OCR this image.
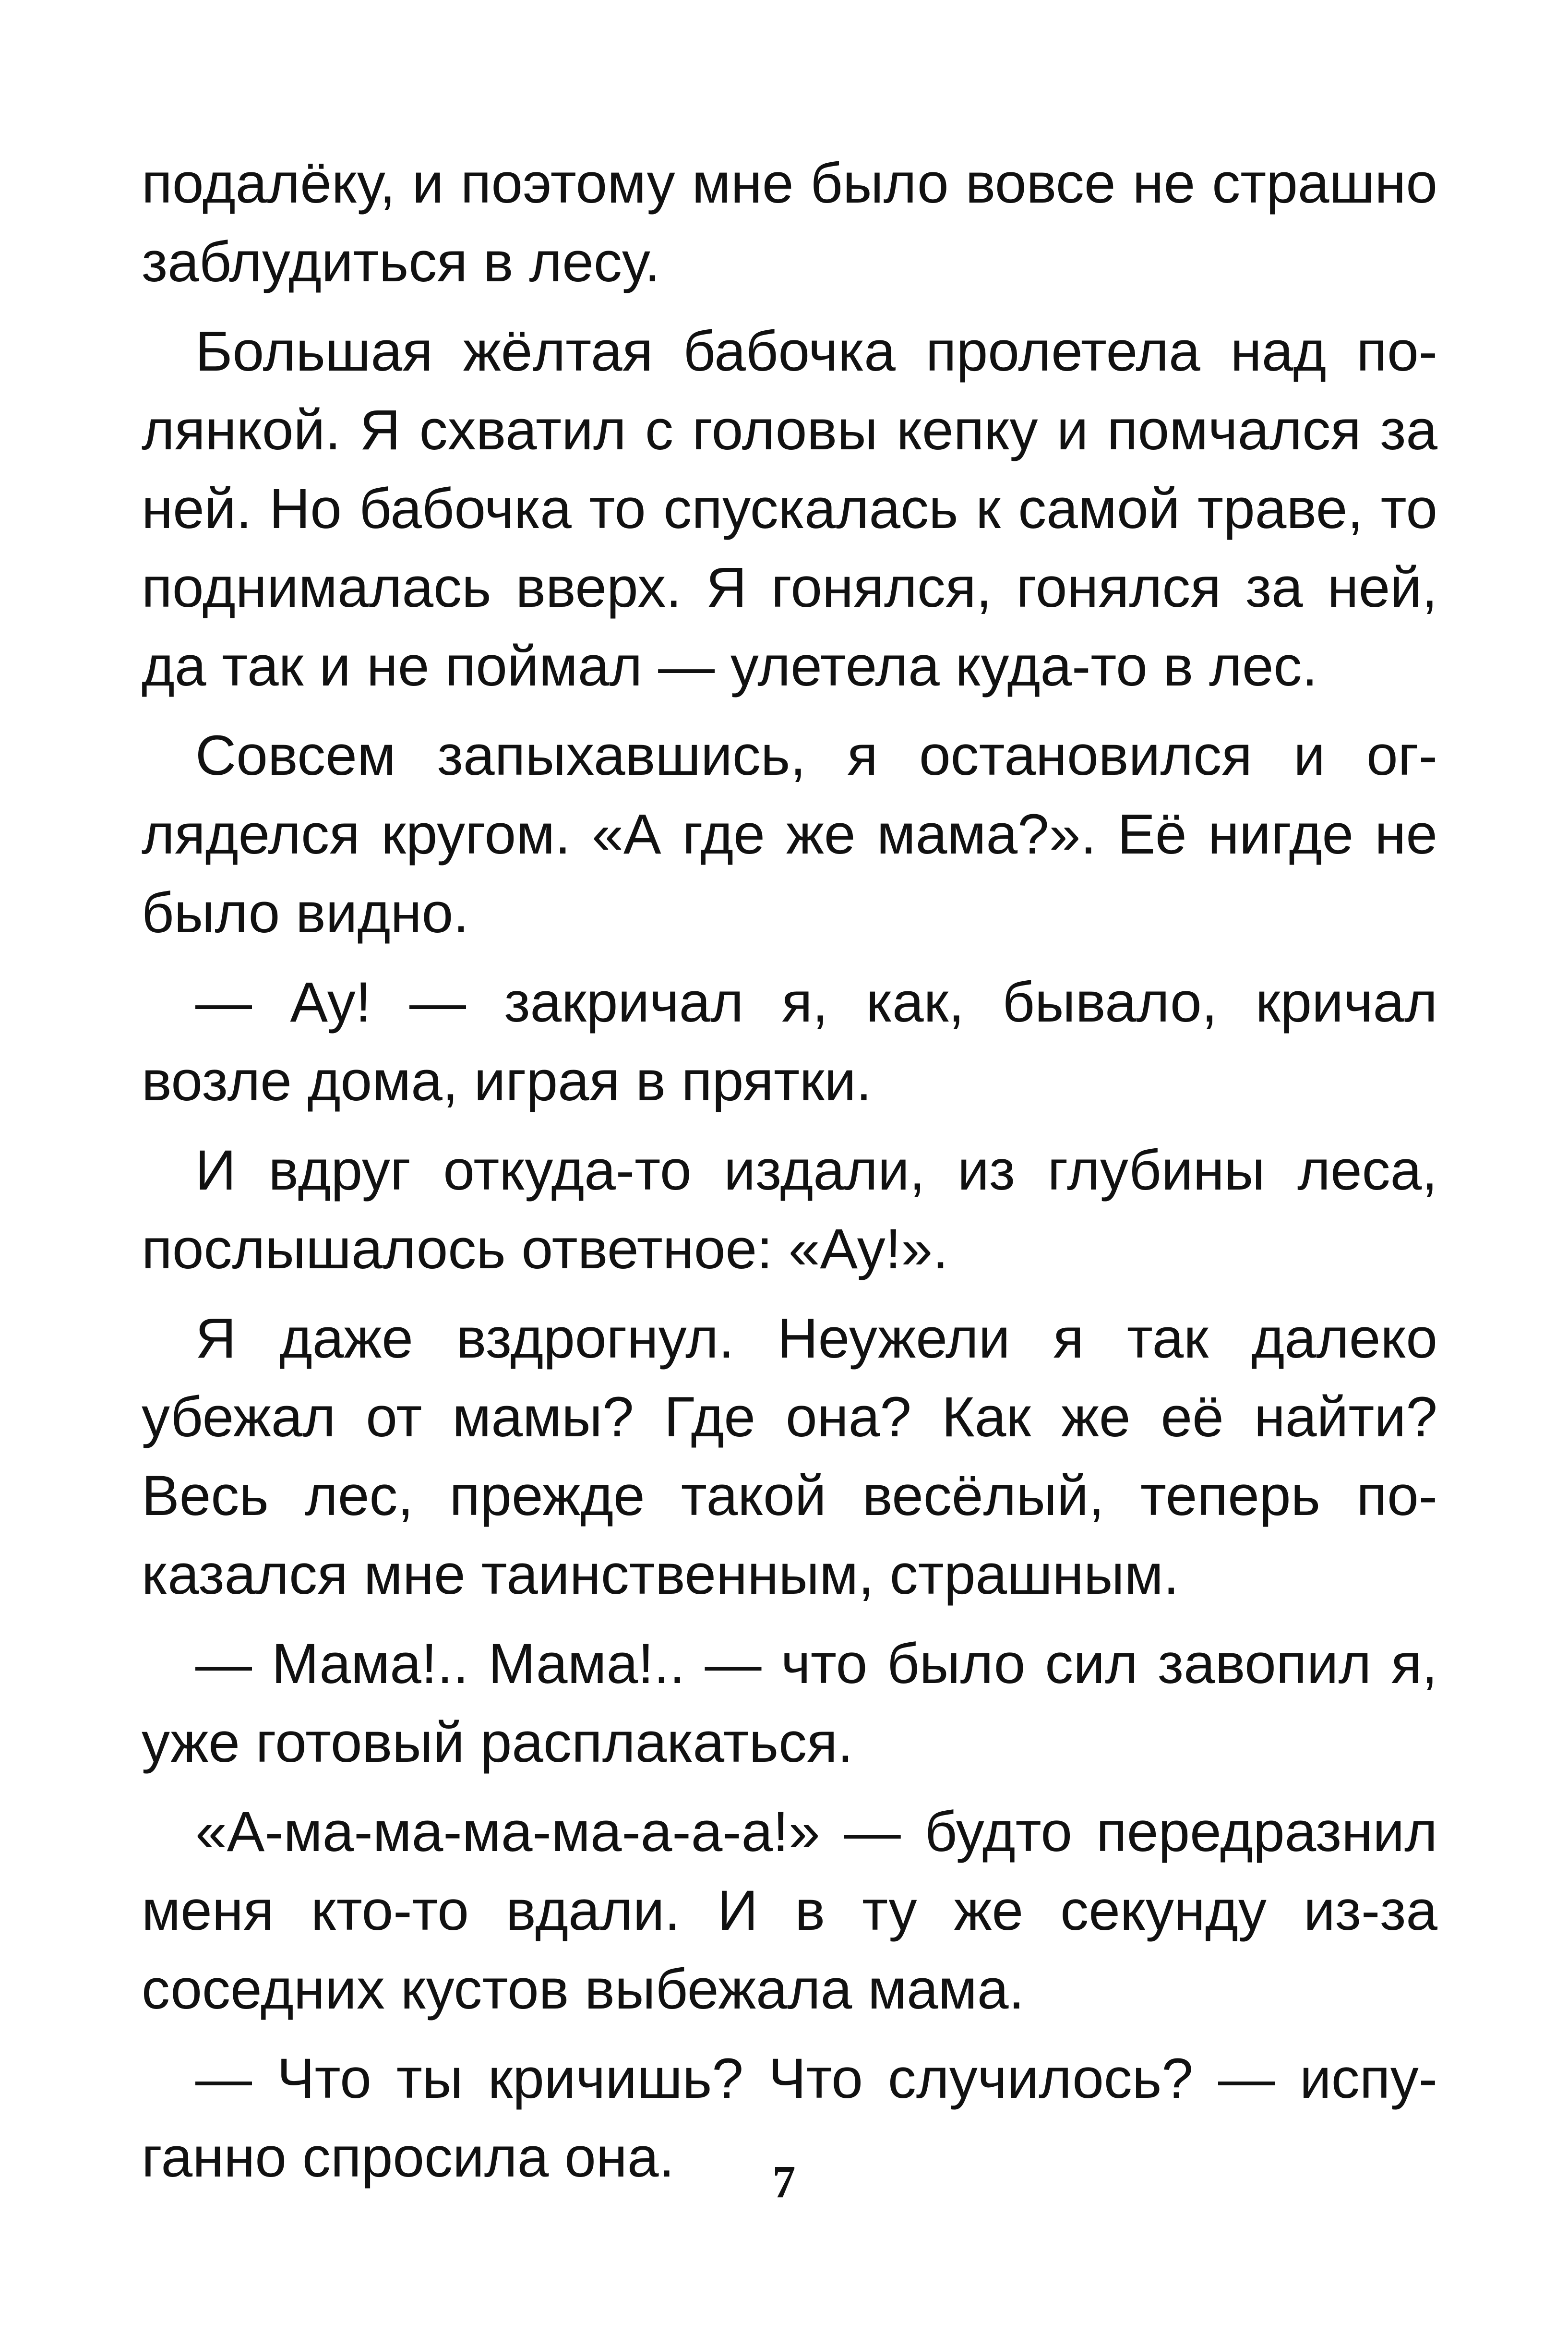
подалёку, и поэтому мне было вовсе не страшно заблудиться в лесу.

Большая жёлтая бабочка пролетела над полянкой. Я схватил с головы кепку и помчался за ней. Но бабочка то спускалась к самой траве, то поднималась вверх. Я гонялся, гонялся за ней, да так и не поймал — улетела куда-то в лес.

Совсем запыхавшись, я остановился и огляделся кругом. «А где же мама?». Её нигде не было видно.

— Ау! — закричал я, как, бывало, кричал возле дома, играя в прятки.

И вдруг откуда-то издали, из глубины леса, послышалось ответное: «Ау!».

Я даже вздрогнул. Неужели я так далеко убежал от мамы? Где она? Как же её найти? Весь лес, прежде такой весёлый, теперь показался мне таинственным, страшным.

— Мама!.. Мама!.. — что было сил завопил я, уже готовый расплакаться.

«А-ма-ма-ма-ма-а-а-а!» — будто передразнил меня кто-то вдали. И в ту же секунду из-за соседних кустов выбежала мама.

— Что ты кричишь? Что случилось? — испуганно спросила она.	7
